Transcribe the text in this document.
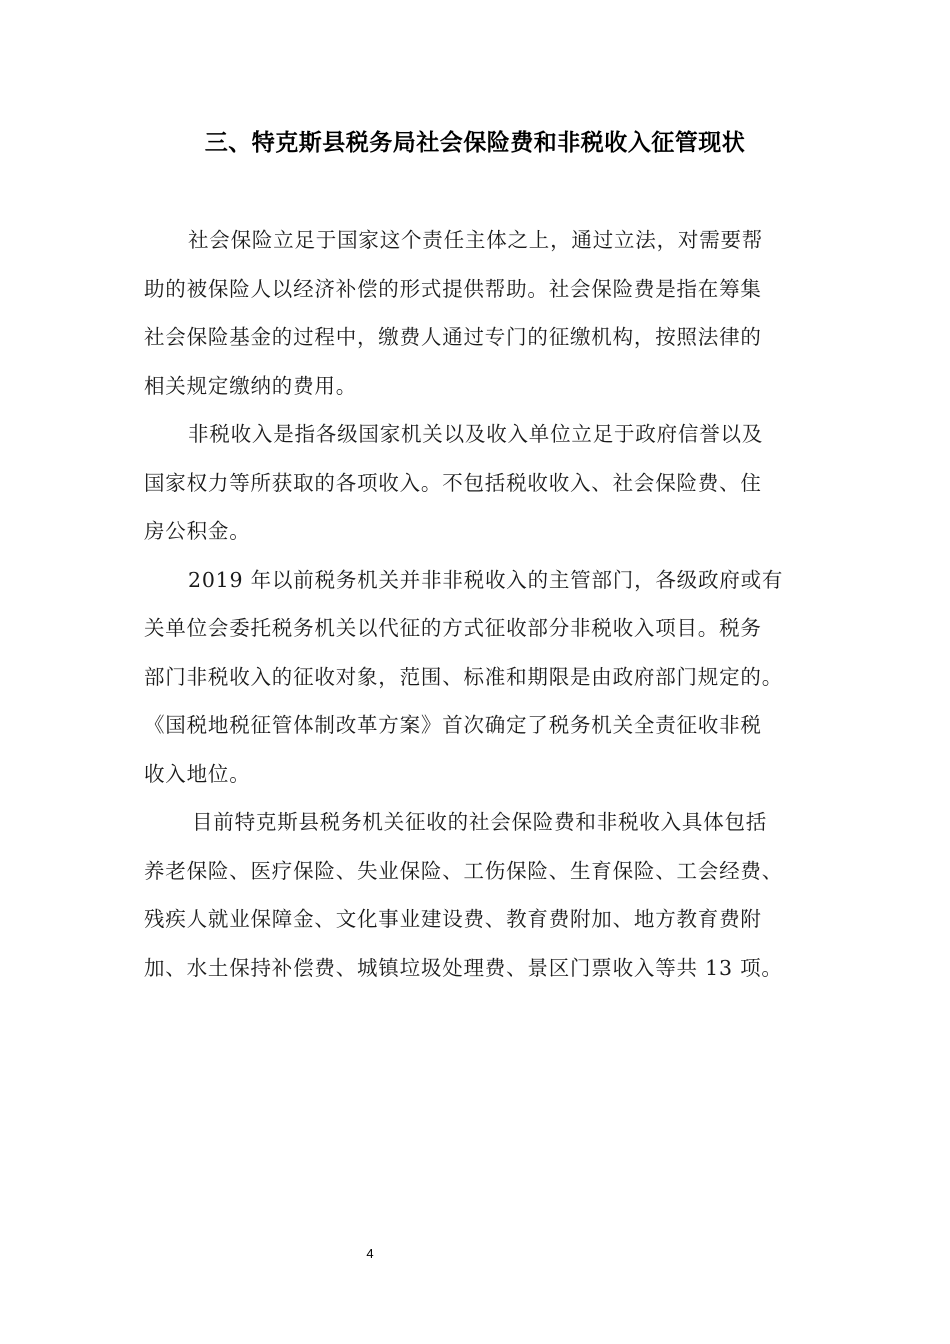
三、特克斯县税务局社会保险费和非税收入征管现状

社会保险立足于国家这个责任主体之上，通过立法，对需要帮
助的被保险人以经济补偿的形式提供帮助。社会保险费是指在筹集
社会保险基金的过程中，缴费人通过专门的征缴机构，按照法律的
相关规定缴纳的费用。

非税收入是指各级国家机关以及收入单位立足于政府信誉以及
国家权力等所获取的各项收入。不包括税收收入、社会保险费、住
房公积金。

2019 年以前税务机关并非非税收入的主管部门，各级政府或有
关单位会委托税务机关以代征的方式征收部分非税收入项目。税务
部门非税收入的征收对象，范围、标准和期限是由政府部门规定的。
《国税地税征管体制改革方案》首次确定了税务机关全责征收非税
收入地位。

目前特克斯县税务机关征收的社会保险费和非税收入具体包括
养老保险、医疗保险、失业保险、工伤保险、生育保险、工会经费、
残疾人就业保障金、文化事业建设费、教育费附加、地方教育费附
加、水土保持补偿费、城镇垃圾处理费、景区门票收入等共 13 项。

4
